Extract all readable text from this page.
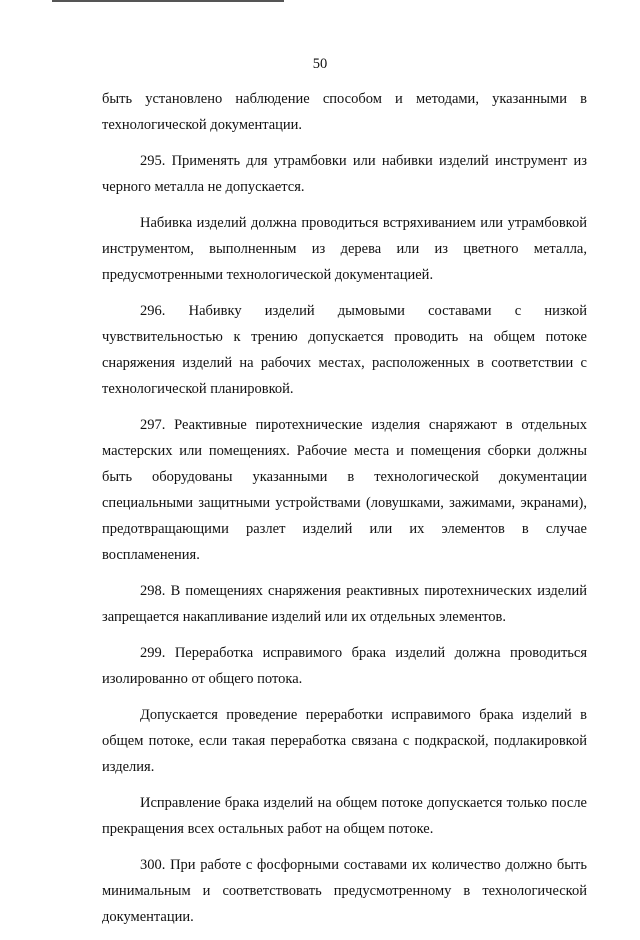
50

быть установлено наблюдение способом и методами, указанными в технологической документации.

295. Применять для утрамбовки или набивки изделий инструмент из черного металла не допускается.

Набивка изделий должна проводиться встряхиванием или утрамбовкой инструментом, выполненным из дерева или из цветного металла, предусмотренными технологической документацией.

296. Набивку изделий дымовыми составами с низкой чувствительностью к трению допускается проводить на общем потоке снаряжения изделий на рабочих местах, расположенных в соответствии с технологической планировкой.

297. Реактивные пиротехнические изделия снаряжают в отдельных мастерских или помещениях. Рабочие места и помещения сборки должны быть оборудованы указанными в технологической документации специальными защитными устройствами (ловушками, зажимами, экранами), предотвращающими разлет изделий или их элементов в случае воспламенения.

298. В помещениях снаряжения реактивных пиротехнических изделий запрещается накапливание изделий или их отдельных элементов.

299. Переработка исправимого брака изделий должна проводиться изолированно от общего потока.

Допускается проведение переработки исправимого брака изделий в общем потоке, если такая переработка связана с подкраской, подлакировкой изделия.

Исправление брака изделий на общем потоке допускается только после прекращения всех остальных работ на общем потоке.

300. При работе с фосфорными составами их количество должно быть минимальным и соответствовать предусмотренному в технологической документации.
